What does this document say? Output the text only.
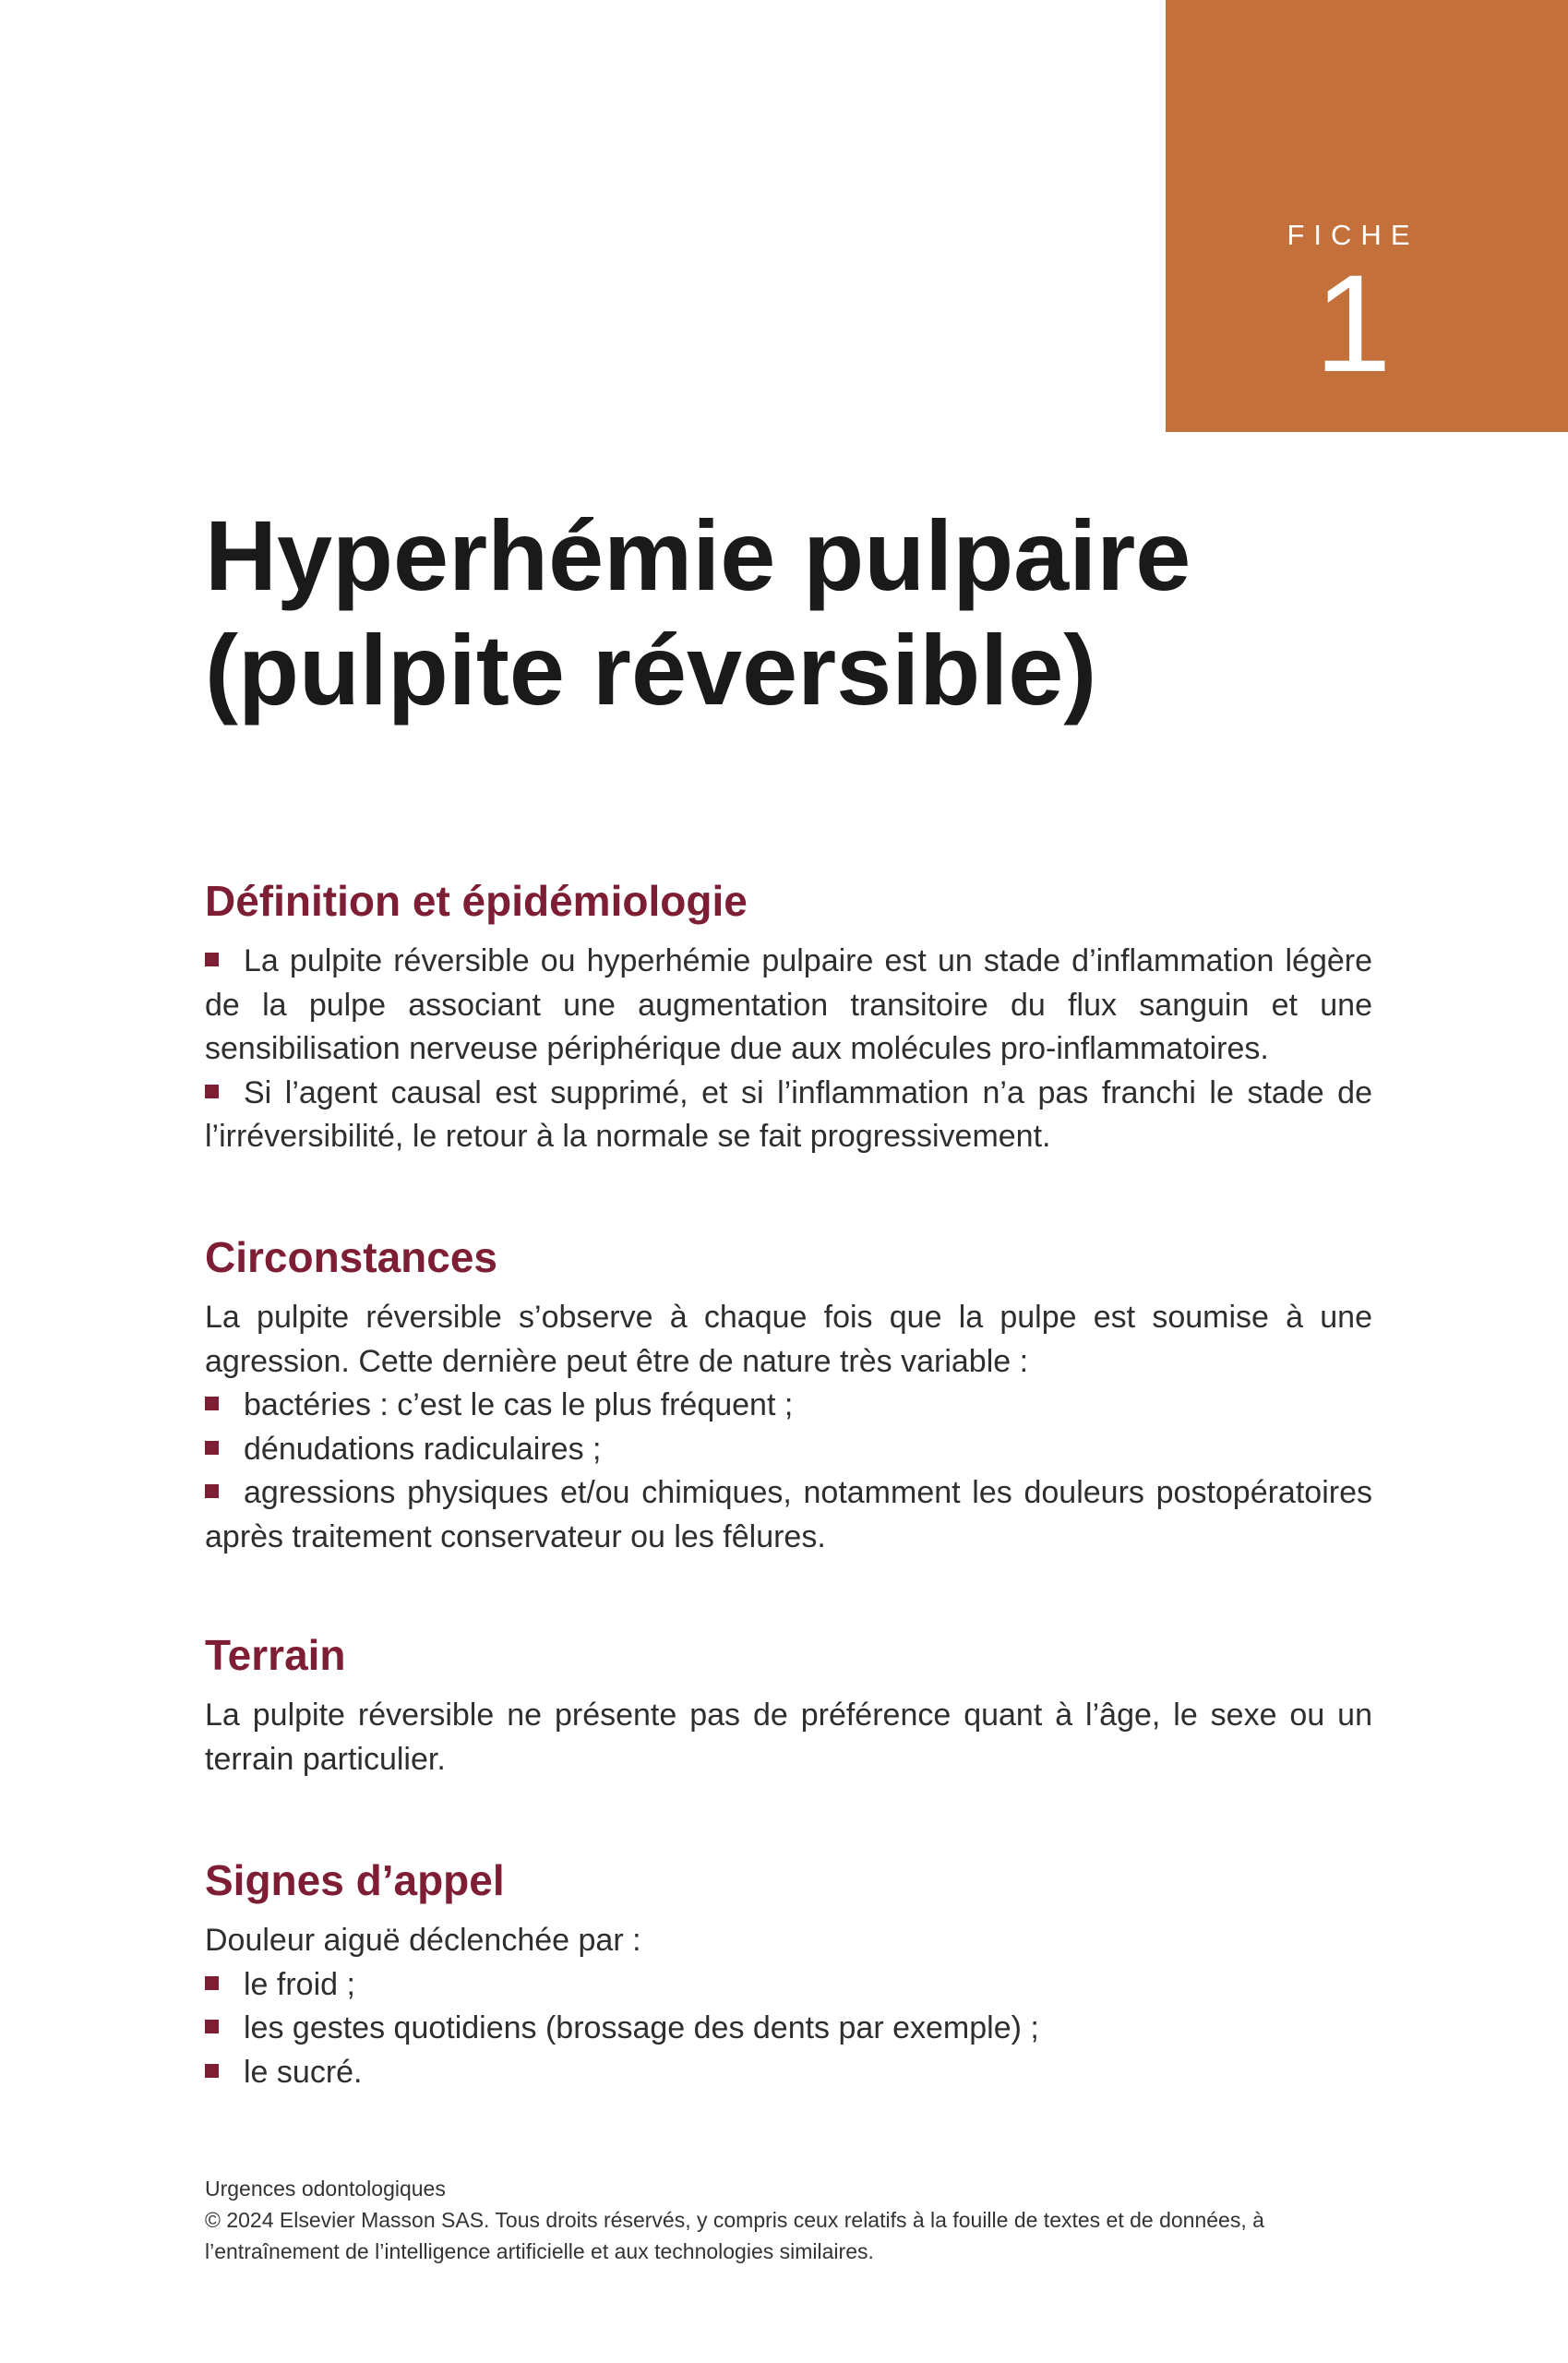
FICHE
1
Hyperhémie pulpaire
(pulpite réversible)
Définition et épidémiologie

La pulpite réversible ou hyperhémie pulpaire est un stade d’inflammation légère de la pulpe associant une augmentation transitoire du flux sanguin et une sensibilisation nerveuse périphérique due aux molécules pro-inflammatoires.

Si l’agent causal est supprimé, et si l’inflammation n’a pas franchi le stade de l’irréversibilité, le retour à la normale se fait progressivement.

Circonstances

La pulpite réversible s’observe à chaque fois que la pulpe est soumise à une agression. Cette dernière peut être de nature très variable :

bactéries : c’est le cas le plus fréquent ;

dénudations radiculaires ;

agressions physiques et/ou chimiques, notamment les douleurs postopératoires après traitement conservateur ou les fêlures.

Terrain

La pulpite réversible ne présente pas de préférence quant à l’âge, le sexe ou un terrain particulier.

Signes d’appel

Douleur aiguë déclenchée par :

le froid ;

les gestes quotidiens (brossage des dents par exemple) ;

le sucré.

Urgences odontologiques
© 2024 Elsevier Masson SAS. Tous droits réservés, y compris ceux relatifs à la fouille de textes et de données, à l’entraînement de l’intelligence artificielle et aux technologies similaires.
